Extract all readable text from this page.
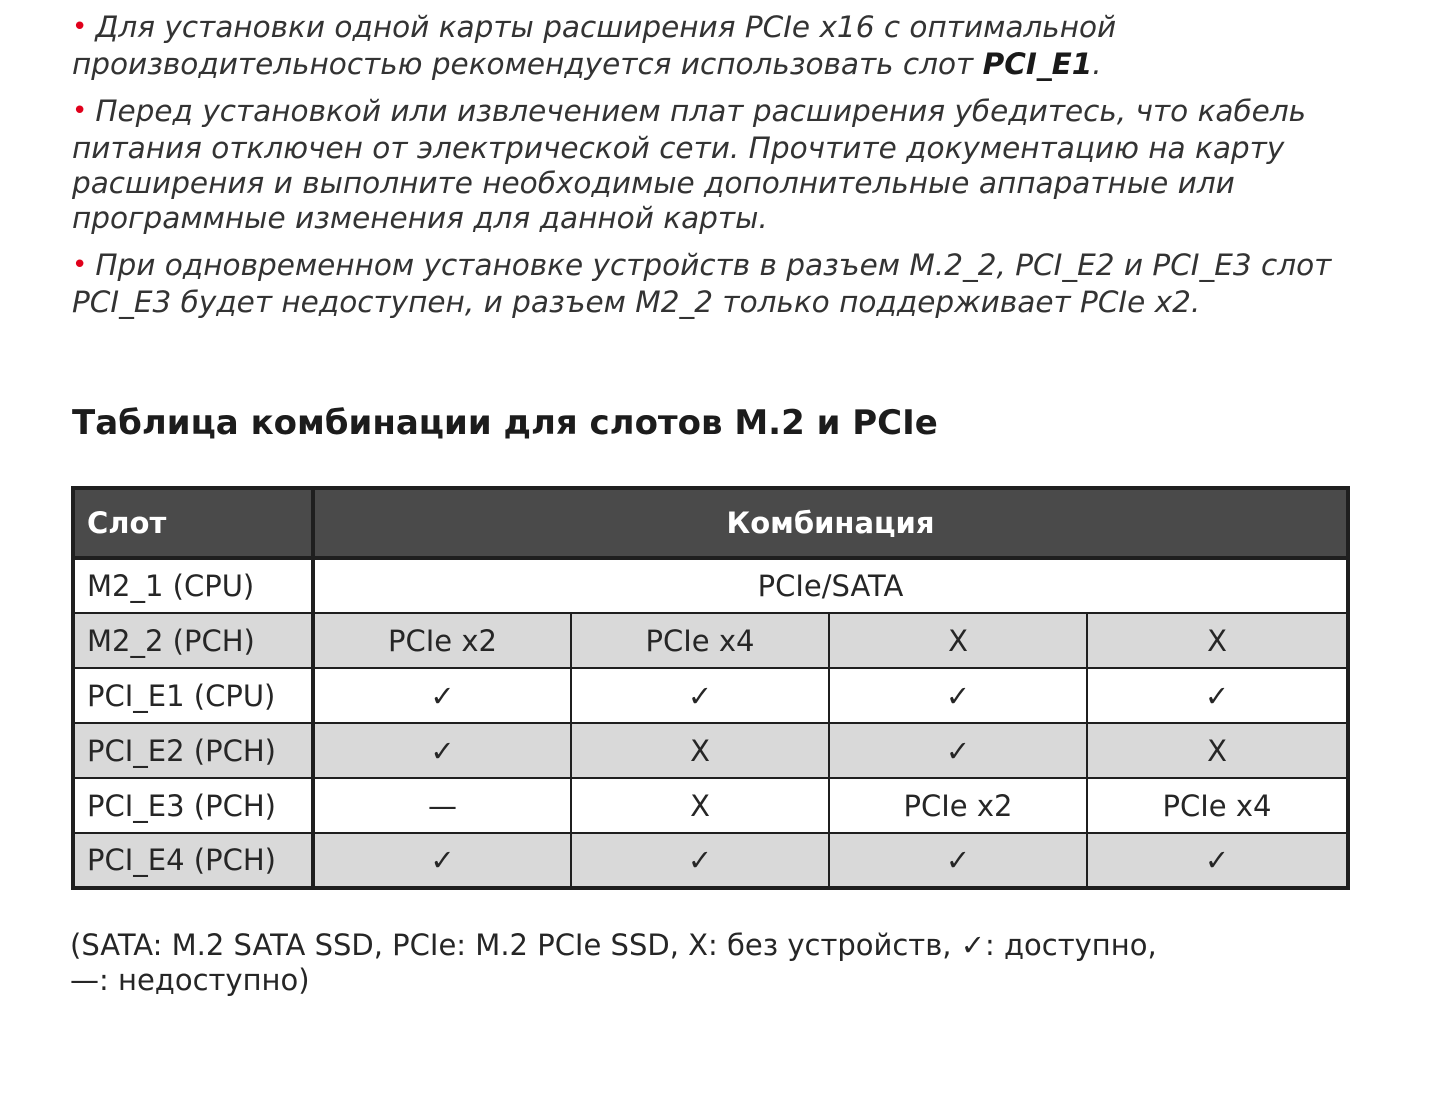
• Для установки одной карты расширения PCIe x16 с оптимальной производительностью рекомендуется использовать слот PCI_E1.

• Перед установкой или извлечением плат расширения убедитесь, что кабель питания отключен от электрической сети. Прочтите документацию на карту расширения и выполните необходимые дополнительные аппаратные или программные изменения для данной карты.

• При одновременном установке устройств в разъем M.2_2, PCI_E2 и PCI_E3 слот PCI_E3 будет недоступен, и разъем M2_2 только поддерживает PCIe x2.

Таблица комбинации для слотов M.2 и PCIe
Слот	Комбинация			
M2_1 (CPU)	PCIe/SATA			
M2_2 (PCH)	PCIe x2	PCIe x4	X	X
PCI_E1 (CPU)	✓	✓	✓	✓
PCI_E2 (PCH)	✓	X	✓	X
PCI_E3 (PCH)	—	X	PCIe x2	PCIe x4
PCI_E4 (PCH)	✓	✓	✓	✓
(SATA: M.2 SATA SSD, PCIe: M.2 PCIe SSD, X: без устройств, ✓: доступно,
—: недоступно)
